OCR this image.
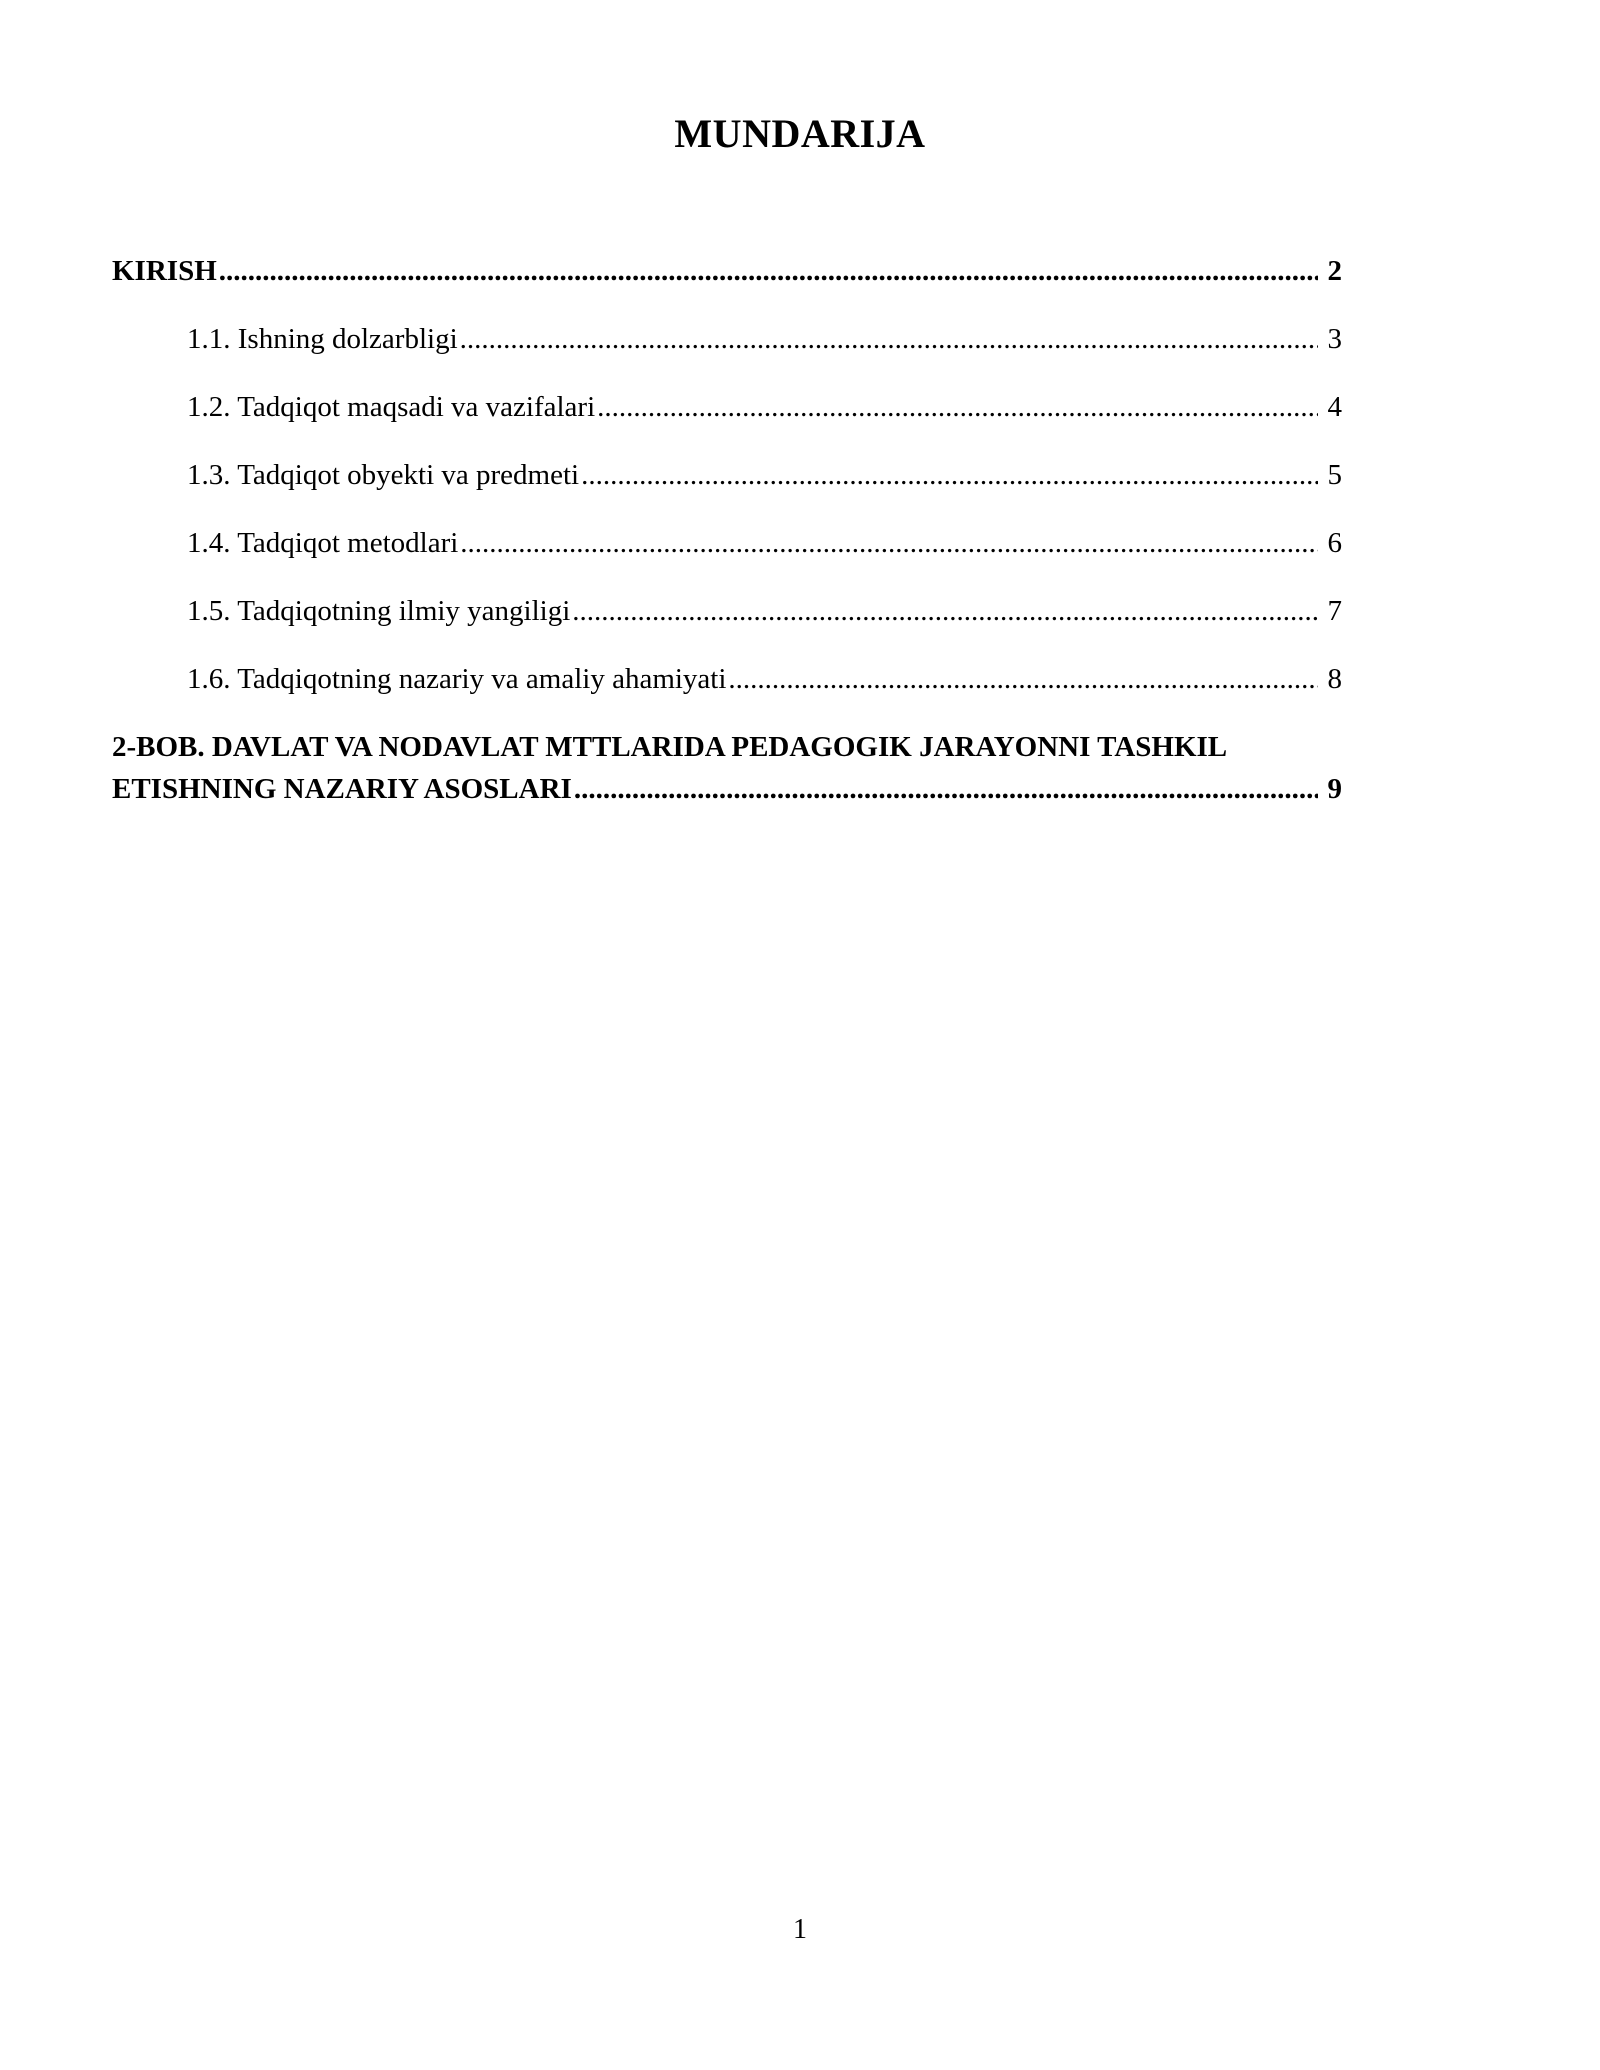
MUNDARIJA
KIRISH .....	2
1.1. Ishning dolzarbligi .....	3
1.2. Tadqiqot maqsadi va vazifalari .....	4
1.3. Tadqiqot obyekti va predmeti .....	5
1.4. Tadqiqot metodlari .....	6
1.5. Tadqiqotning ilmiy yangiligi .....	7
1.6. Tadqiqotning nazariy va amaliy ahamiyati .....	8
2-BOB. DAVLAT VA NODAVLAT MTTLARIDA PEDAGOGIK JARAYONNI TASHKIL
ETISHNING NAZARIY ASOSLARI .....	9
1
